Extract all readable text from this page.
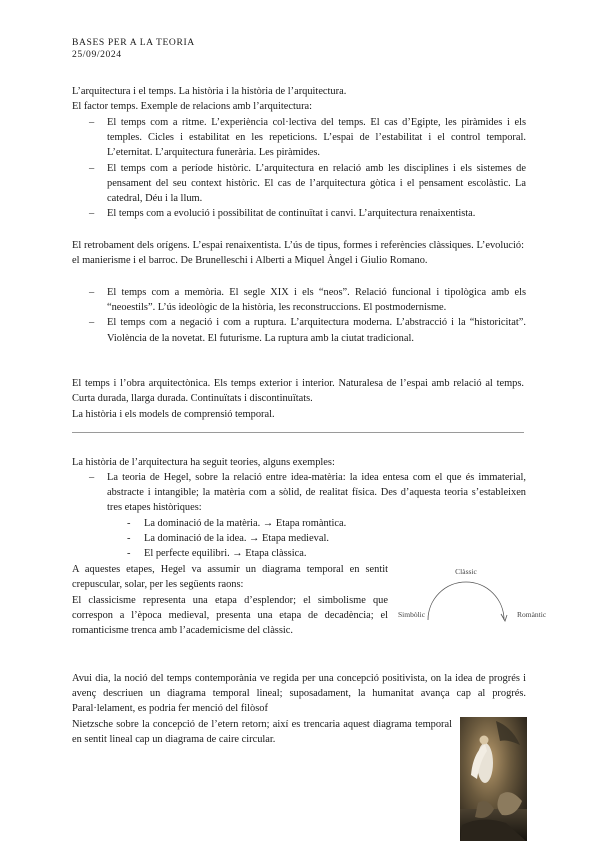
BASES PER A LA TEORIA
25/09/2024

L’arquitectura i el temps. La història i la història de l’arquitectura.

El factor temps. Exemple de relacions amb l’arquitectura:

– El temps com a ritme. L’experiència col·lectiva del temps. El cas d’Egipte, les piràmides i els temples. Cicles i estabilitat en les repeticions. L’espai de l’estabilitat i el control temporal. L’eternitat. L’arquitectura funerària. Les piràmides.
– El temps com a període històric. L’arquitectura en relació amb les disciplines i els sistemes de pensament del seu context històric. El cas de l’arquitectura gòtica i el pensament escolàstic. La catedral, Déu i la llum.
– El temps com a evolució i possibilitat de continuïtat i canvi. L’arquitectura renaixentista.

El retrobament dels orígens. L’espai renaixentista. L’ús de tipus, formes i referències clàssiques. L’evolució: el manierisme i el barroc. De Brunelleschi i Alberti a Miquel Àngel i Giulio Romano.

– El temps com a memòria. El segle XIX i els “neos”. Relació funcional i tipològica amb els “neoestils”. L’ús ideològic de la història, les reconstruccions. El postmodernisme.
– El temps com a negació i com a ruptura. L’arquitectura moderna. L’abstracció i la “historicitat”. Violència de la novetat. El futurisme. La ruptura amb la ciutat tradicional.

El temps i l’obra arquitectònica. Els temps exterior i interior. Naturalesa de l’espai amb relació al temps. Curta durada, llarga durada. Continuïtats i discontinuïtats.

La història i els models de comprensió temporal.

La història de l’arquitectura ha seguit teories, alguns exemples:

– La teoria de Hegel, sobre la relació entre idea-matèria: la idea entesa com el que és immaterial, abstracte i intangible; la matèria com a sòlid, de realitat física. Des d’aquesta teoria s’estableixen tres etapes històriques:
- La dominació de la matèria. → Etapa romàntica.
- La dominació de la idea. → Etapa medieval.
- El perfecte equilibri. → Etapa clàssica.

A aquestes etapes, Hegel va assumir un diagrama temporal en sentit crepuscular, solar, per les següents raons:

El classicisme representa una etapa d’esplendor; el simbolisme que correspon a l’època medieval, presenta una etapa de decadència; el romanticisme trenca amb l’academicisme del clàssic.

Clàssic
Simbòlic	Romàntic

Avui dia, la noció del temps contemporània ve regida per una concepció positivista, on la idea de progrés i avenç descriuen un diagrama temporal lineal; suposadament, la humanitat avança cap al progrés. Paral·lelament, es podria fer menció del filòsof

Nietzsche sobre la concepció de l’etern retorn; així es trencaria aquest diagrama temporal en sentit lineal cap un diagrama de caire circular.
